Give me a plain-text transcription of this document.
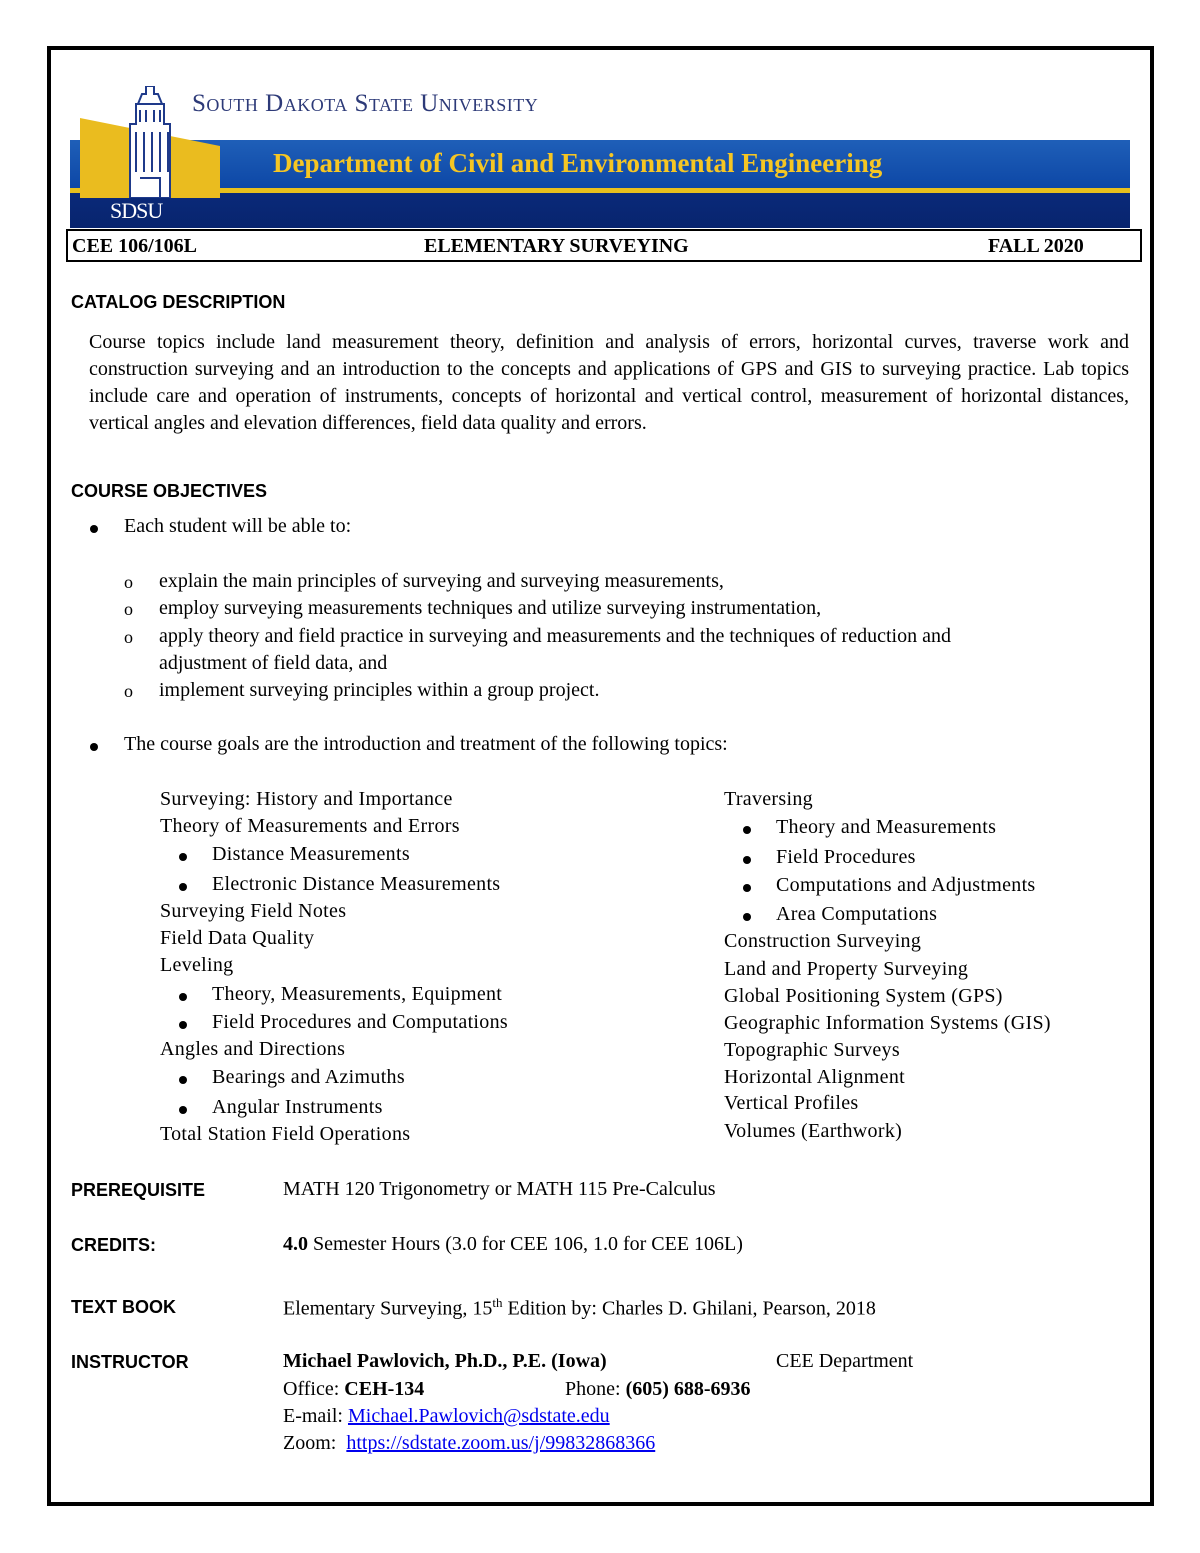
SDSU
South Dakota State University
Department of Civil and Environmental Engineering
CEE 106/106L	ELEMENTARY SURVEYING	FALL 2020
CATALOG DESCRIPTION
Course topics include land measurement theory, definition and analysis of errors, horizontal curves, traverse work and construction surveying and an introduction to the concepts and applications of GPS and GIS to surveying practice. Lab topics include care and operation of instruments, concepts of horizontal and vertical control, measurement of horizontal distances, vertical angles and elevation differences, field data quality and errors.
COURSE OBJECTIVES
Each student will be able to:
o explain the main principles of surveying and surveying measurements,
o employ surveying measurements techniques and utilize surveying instrumentation,
o apply theory and field practice in surveying and measurements and the techniques of reduction and
adjustment of field data, and
o implement surveying principles within a group project.
The course goals are the introduction and treatment of the following topics:
Surveying: History and Importance
Theory of Measurements and Errors
Distance Measurements
Electronic Distance Measurements
Surveying Field Notes
Field Data Quality
Leveling
Theory, Measurements, Equipment
Field Procedures and Computations
Angles and Directions
Bearings and Azimuths
Angular Instruments
Total Station Field Operations
Traversing
Theory and Measurements
Field Procedures
Computations and Adjustments
Area Computations
Construction Surveying
Land and Property Surveying
Global Positioning System (GPS)
Geographic Information Systems (GIS)
Topographic Surveys
Horizontal Alignment
Vertical Profiles
Volumes (Earthwork)
PREREQUISITE	MATH 120 Trigonometry or MATH 115 Pre-Calculus
CREDITS:	4.0 Semester Hours (3.0 for CEE 106, 1.0 for CEE 106L)
TEXT BOOK	Elementary Surveying, 15th Edition by: Charles D. Ghilani, Pearson, 2018
INSTRUCTOR	Michael Pawlovich, Ph.D., P.E. (Iowa)	CEE Department
Office: CEH-134	Phone: (605) 688-6936
E-mail: Michael.Pawlovich@sdstate.edu
Zoom:  https://sdstate.zoom.us/j/99832868366
